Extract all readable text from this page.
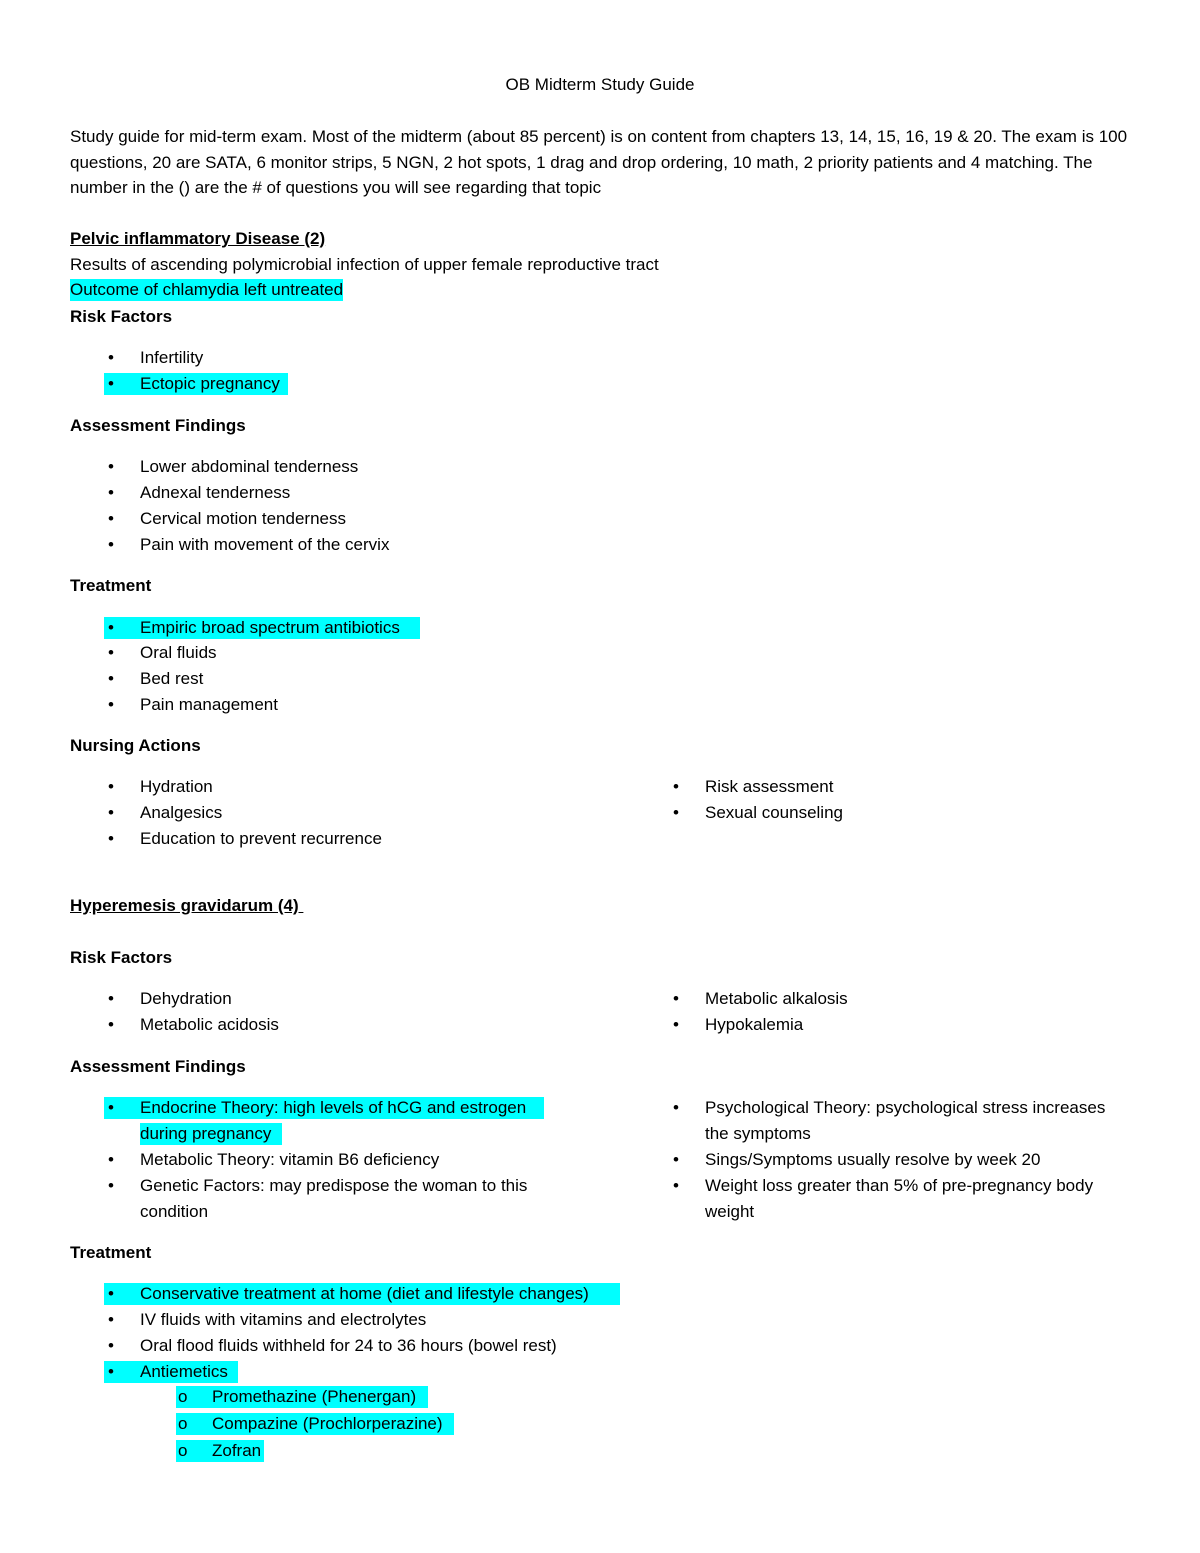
OB Midterm Study Guide
Study guide for mid-term exam. Most of the midterm (about 85 percent) is on content from chapters 13, 14, 15, 16, 19 & 20. The exam is 100 questions, 20 are SATA, 6 monitor strips, 5 NGN, 2 hot spots, 1 drag and drop ordering, 10 math, 2 priority patients and 4 matching. The number in the () are the # of questions you will see regarding that topic
Pelvic inflammatory Disease (2)
Results of ascending polymicrobial infection of upper female reproductive tract
Outcome of chlamydia left untreated
Risk Factors
• Infertility
• Ectopic pregnancy
Assessment Findings
• Lower abdominal tenderness
• Adnexal tenderness
• Cervical motion tenderness
• Pain with movement of the cervix
Treatment
• Empiric broad spectrum antibiotics
• Oral fluids
• Bed rest
• Pain management
Nursing Actions
• Hydration
• Analgesics
• Education to prevent recurrence
• Risk assessment
• Sexual counseling
Hyperemesis gravidarum (4)
Risk Factors
• Dehydration
• Metabolic acidosis
• Metabolic alkalosis
• Hypokalemia
Assessment Findings
• Endocrine Theory: high levels of hCG and estrogen during pregnancy
• Metabolic Theory: vitamin B6 deficiency
• Genetic Factors: may predispose the woman to this condition
• Psychological Theory: psychological stress increases the symptoms
• Sings/Symptoms usually resolve by week 20
• Weight loss greater than 5% of pre-pregnancy body weight
Treatment
• Conservative treatment at home (diet and lifestyle changes)
• IV fluids with vitamins and electrolytes
• Oral flood fluids withheld for 24 to 36 hours (bowel rest)
• Antiemetics
o Promethazine (Phenergan)
o Compazine (Prochlorperazine)
o Zofran
